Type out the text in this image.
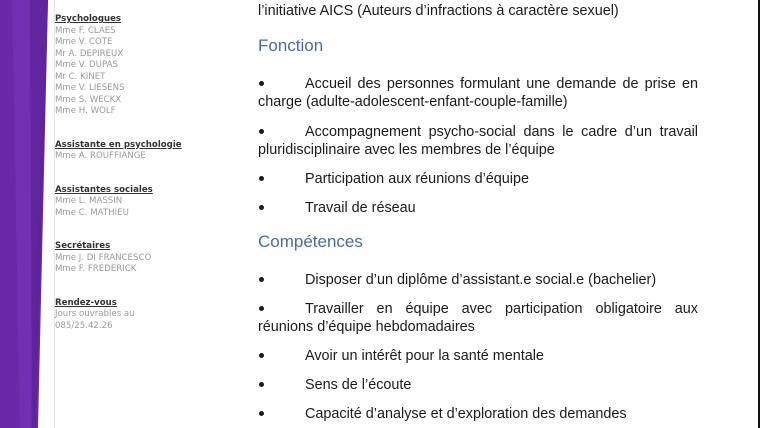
Psychologues
Mme F. CLAES
Mme V. COTE
Mr A. DEPIREUX
Mme V. DUPAS
Mr C. KINET
Mme V. LIESENS
Mme S. WECKX
Mme H. WOLF
Assistante en psychologie
Mme A. ROUFFIANGE
Assistantes sociales
Mme L. MASSIN
Mme C. MATHIEU
Secrétaires
Mme J. DI FRANCESCO
Mme F. FREDERICK
Rendez-vous
Jours ouvrables au
085/25.42.26
l’initiative AICS (Auteurs d’infractions à caractère sexuel)
Fonction
Accueil des personnes formulant une demande de prise en charge (adulte-adolescent-enfant-couple-famille)
Accompagnement psycho-social dans le cadre d’un travail pluridisciplinaire avec les membres de l’équipe
Participation aux réunions d’équipe
Travail de réseau
Compétences
Disposer d’un diplôme d’assistant.e social.e (bachelier)
Travailler en équipe avec participation obligatoire aux réunions d’équipe hebdomadaires
Avoir un intérêt pour la santé mentale
Sens de l’écoute
Capacité d’analyse et d’exploration des demandes
